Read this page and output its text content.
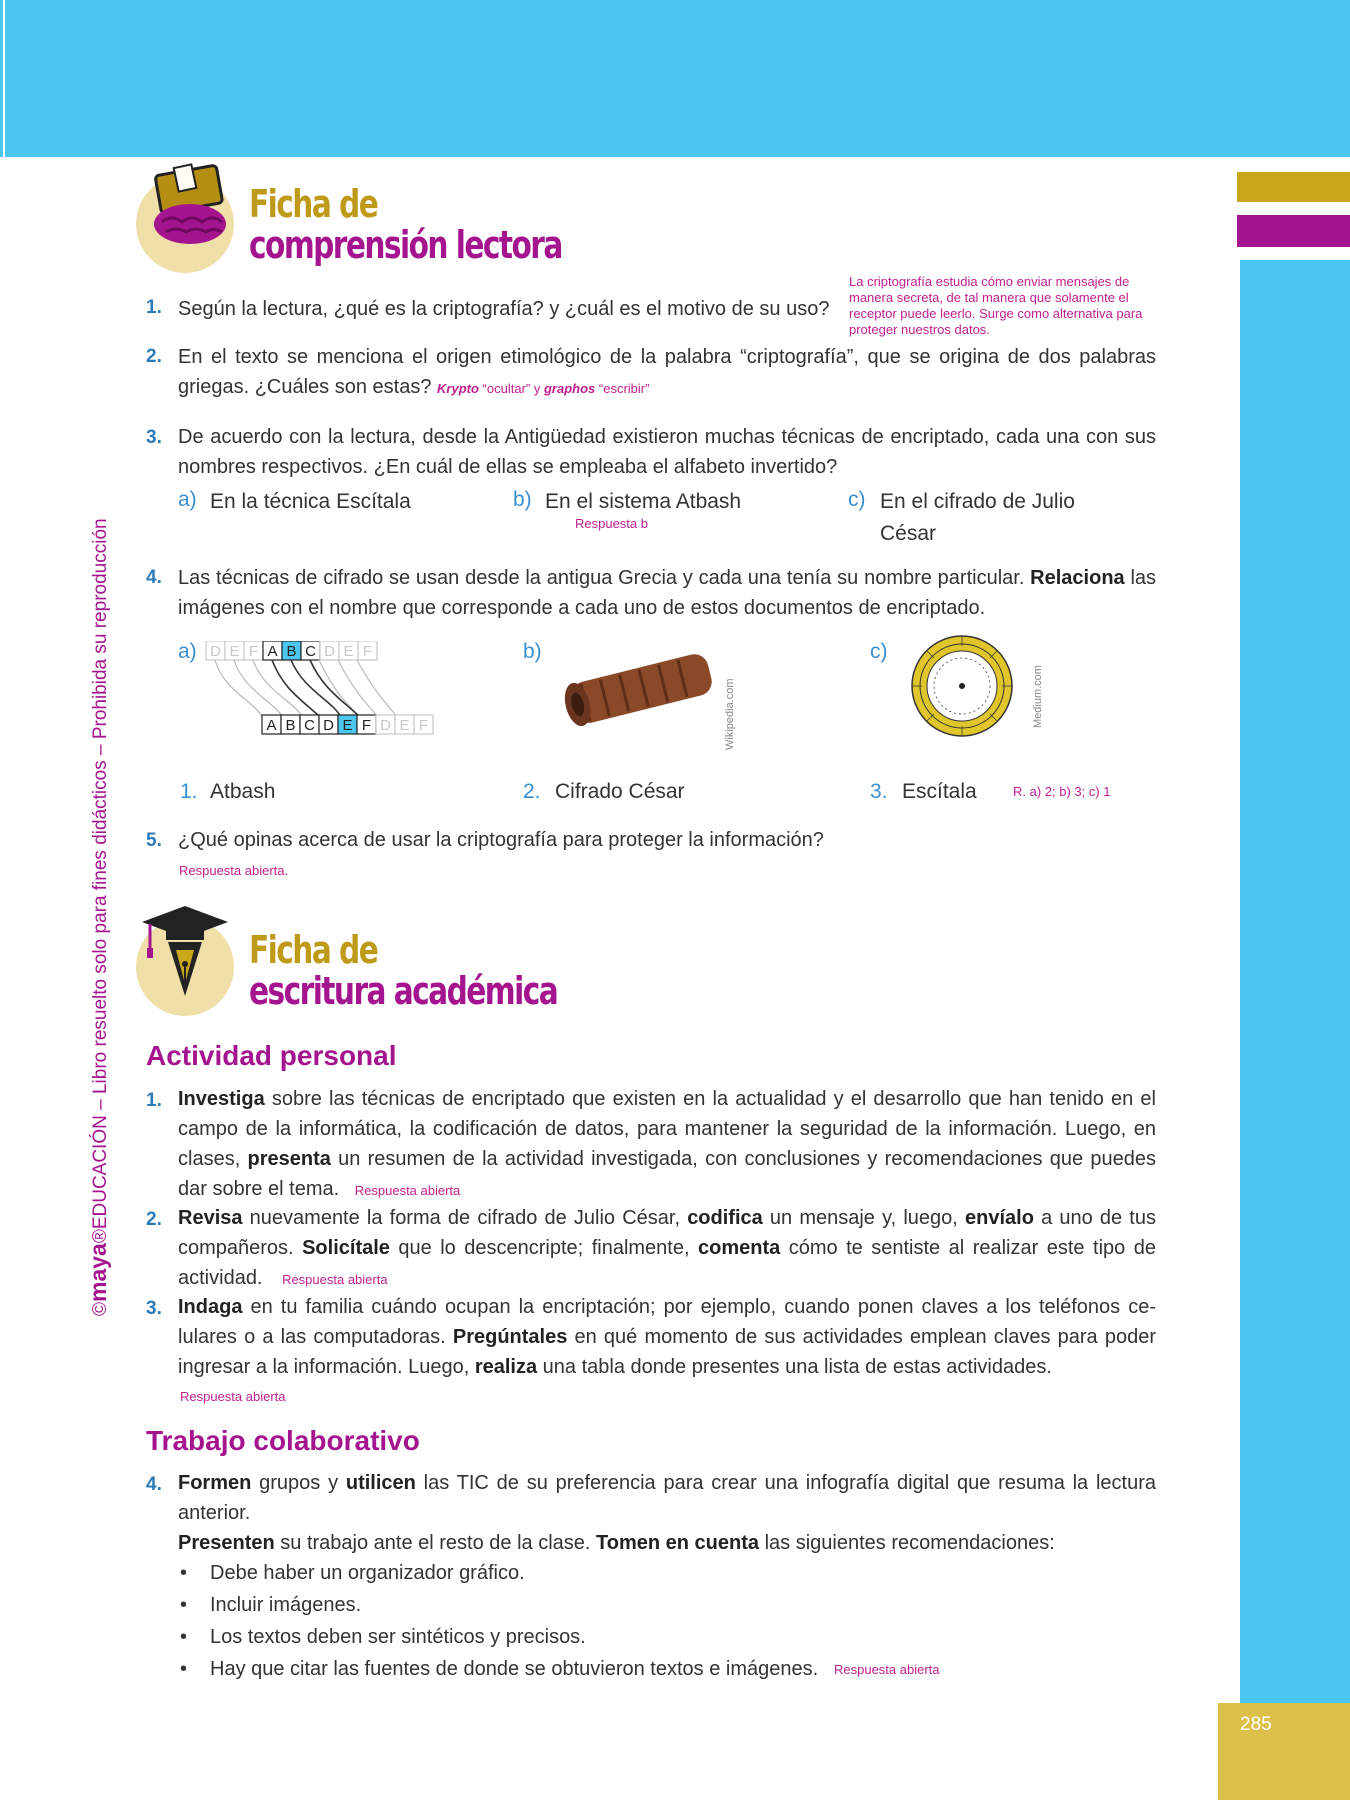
285
©maya®EDUCACIÓN – Libro resuelto solo para fines didácticos – Prohibida su reproducción
Ficha de
comprensión lectora
1. Según la lectura, ¿qué es la criptografía? y ¿cuál es el motivo de su uso?
La criptografía estudia cómo enviar mensajes de manera secreta, de tal manera que solamente el receptor puede leerlo. Surge como alternativa para proteger nuestros datos.
2. En el texto se menciona el origen etimológico de la palabra “criptografía”, que se origina de dos palabras griegas. ¿Cuáles son estas? Krypto “ocultar” y graphos “escribir”
3. De acuerdo con la lectura, desde la Antigüedad existieron muchas técnicas de encriptado, cada una con sus nombres respectivos. ¿En cuál de ellas se empleaba el alfabeto invertido?
a) En la técnica Escítala	b) En el sistema Atbash
Respuesta b
c) En el cifrado de Julio César
4. Las técnicas de cifrado se usan desde la antigua Grecia y cada una tenía su nombre particular. Relaciona las imágenes con el nombre que corresponde a cada uno de estos documentos de encriptado.
a) D E F A B C D E F
A B C D E F D E F
b)
Wikipedia.com
c)
Medium.com
1. Atbash	2. Cifrado César	3. Escítala	R. a) 2; b) 3; c) 1
5. ¿Qué opinas acerca de usar la criptografía para proteger la información?
Respuesta abierta.
Ficha de
escritura académica
Actividad personal
1. Investiga sobre las técnicas de encriptado que existen en la actualidad y el desarrollo que han tenido en el campo de la informática, la codificación de datos, para mantener la seguridad de la información. Luego, en clases, presenta un resumen de la actividad investigada, con conclusiones y recomendaciones que puedes dar sobre el tema. Respuesta abierta
2. Revisa nuevamente la forma de cifrado de Julio César, codifica un mensaje y, luego, envíalo a uno de tus compañeros. Solicítale que lo descencripte; finalmente, comenta cómo te sentiste al realizar este tipo de actividad. Respuesta abierta
3. Indaga en tu familia cuándo ocupan la encriptación; por ejemplo, cuando ponen claves a los teléfonos celulares o a las computadoras. Pregúntales en qué momento de sus actividades emplean claves para poder ingresar a la información. Luego, realiza una tabla donde presentes una lista de estas actividades.
Respuesta abierta
Trabajo colaborativo
4. Formen grupos y utilicen las TIC de su preferencia para crear una infografía digital que resuma la lectura anterior.
Presenten su trabajo ante el resto de la clase. Tomen en cuenta las siguientes recomendaciones:
• Debe haber un organizador gráfico.
• Incluir imágenes.
• Los textos deben ser sintéticos y precisos.
• Hay que citar las fuentes de donde se obtuvieron textos e imágenes. Respuesta abierta
